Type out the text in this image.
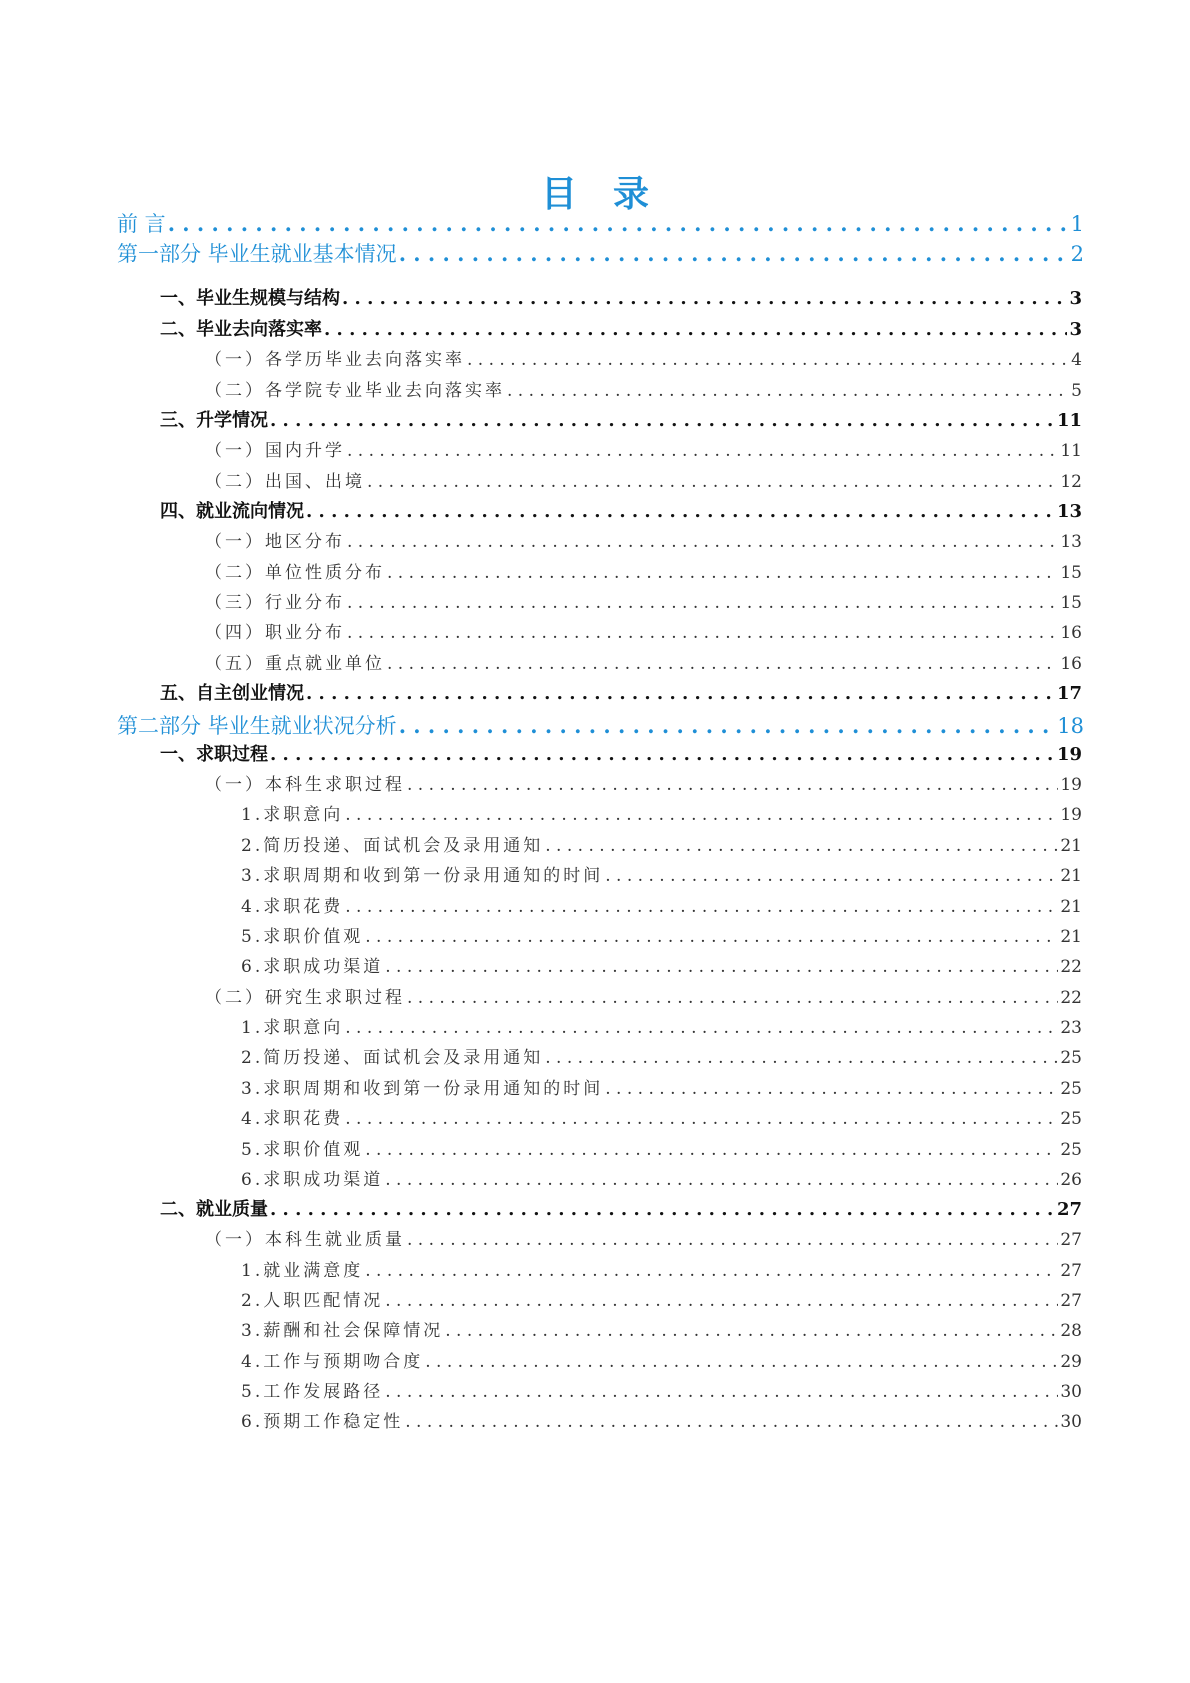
目 录
前 言 . . .	1
第一部分 毕业生就业基本情况 . . .	2
一、毕业生规模与结构 . . .	3
二、毕业去向落实率 . . .	3
（一）各学历毕业去向落实率 . . .	4
（二）各学院专业毕业去向落实率 . . .	5
三、升学情况 . . .	11
（一）国内升学 . . .	11
（二）出国、出境 . . .	12
四、就业流向情况 . . .	13
（一）地区分布 . . .	13
（二）单位性质分布 . . .	15
（三）行业分布 . . .	15
（四）职业分布 . . .	16
（五）重点就业单位 . . .	16
五、自主创业情况 . . .	17
第二部分 毕业生就业状况分析 . . .	18
一、求职过程 . . .	19
（一）本科生求职过程 . . .	19
1.求职意向 . . .	19
2.简历投递、面试机会及录用通知 . . .	21
3.求职周期和收到第一份录用通知的时间 . . .	21
4.求职花费 . . .	21
5.求职价值观 . . .	21
6.求职成功渠道 . . .	22
（二）研究生求职过程 . . .	22
1.求职意向 . . .	23
2.简历投递、面试机会及录用通知 . . .	25
3.求职周期和收到第一份录用通知的时间 . . .	25
4.求职花费 . . .	25
5.求职价值观 . . .	25
6.求职成功渠道 . . .	26
二、就业质量 . . .	27
（一）本科生就业质量 . . .	27
1.就业满意度 . . .	27
2.人职匹配情况 . . .	27
3.薪酬和社会保障情况 . . .	28
4.工作与预期吻合度 . . .	29
5.工作发展路径 . . .	30
6.预期工作稳定性 . . .	30
